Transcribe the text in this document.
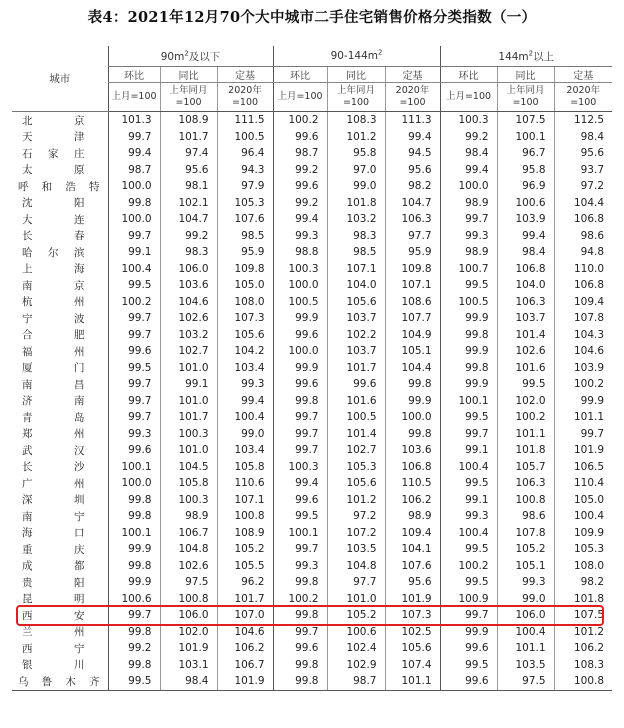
表4：2021年12月70个大中城市二手住宅销售价格分类指数（一）
城市	$90m^2$及以下			$90-144m^2$			$144m^2$以上		
	环比	同比	定基	环比	同比	定基	环比	同比	定基
	上月=100	上年同月=100	2020年=100	上月=100	上年同月=100	2020年=100	上月=100	上年同月=100	2020年=100
北京	101.3	108.9	111.5	100.2	108.3	111.3	100.3	107.5	112.5
天津	99.7	101.7	100.5	99.6	101.2	99.4	99.2	100.1	98.4
石家庄	99.4	97.4	96.4	98.7	95.8	94.5	98.4	96.7	95.6
太原	98.7	95.6	94.3	99.2	97.0	95.6	99.4	95.8	93.7
呼和浩特	100.0	98.1	97.9	99.6	99.0	98.2	100.0	96.9	97.2
沈阳	99.8	102.1	105.3	99.2	101.8	104.7	98.9	100.6	104.4
大连	100.0	104.7	107.6	99.4	103.2	106.3	99.7	103.9	106.8
长春	99.7	99.2	98.5	99.3	98.3	97.7	99.3	99.4	98.6
哈尔滨	99.1	98.3	95.9	98.8	98.5	95.9	98.9	98.4	94.8
上海	100.4	106.0	109.8	100.3	107.1	109.8	100.7	106.8	110.0
南京	99.5	103.6	105.0	100.0	104.0	107.1	99.5	104.0	106.8
杭州	100.2	104.6	108.0	100.5	105.6	108.6	100.5	106.3	109.4
宁波	99.7	102.6	107.3	99.9	103.7	107.7	99.9	103.7	107.8
合肥	99.7	103.2	105.6	99.6	102.2	104.9	99.8	101.4	104.3
福州	99.6	102.7	104.2	100.0	103.7	105.1	99.9	102.6	104.6
厦门	99.5	101.0	103.4	99.9	101.7	104.4	99.8	101.6	103.9
南昌	99.7	99.1	99.3	99.6	99.6	99.8	99.9	99.5	100.2
济南	99.7	101.0	99.4	99.8	101.6	99.9	100.1	102.0	99.9
青岛	99.7	101.7	100.4	99.7	100.5	100.0	99.5	100.2	101.1
郑州	99.3	100.3	99.0	99.7	101.4	99.8	99.7	101.1	99.7
武汉	99.6	101.0	103.4	99.7	102.7	103.6	99.1	101.8	101.9
长沙	100.1	104.5	105.8	100.3	105.3	106.8	100.4	105.7	106.5
广州	100.0	105.8	110.6	99.4	105.6	110.5	99.5	106.3	110.4
深圳	99.8	100.3	107.1	99.6	101.2	106.2	99.1	100.8	105.0
南宁	99.8	98.9	100.8	99.5	97.2	98.9	99.3	98.6	100.4
海口	100.1	106.7	108.9	100.1	107.2	109.4	100.4	107.8	109.9
重庆	99.9	104.8	105.2	99.7	103.5	104.1	99.5	105.2	105.3
成都	99.8	102.6	105.5	99.3	104.8	107.6	100.2	105.1	108.0
贵阳	99.9	97.5	96.2	99.8	97.7	95.6	99.5	99.3	98.2
昆明	100.6	100.8	101.7	100.2	101.0	101.9	100.9	99.0	101.8
西安	99.7	106.0	107.0	99.8	105.2	107.3	99.7	106.0	107.5
兰州	99.8	102.0	104.6	99.7	100.6	102.5	99.9	100.4	101.2
西宁	99.2	101.9	106.2	99.6	102.4	105.6	99.6	101.1	106.2
银川	99.8	103.1	106.7	99.8	102.9	107.4	99.5	103.5	108.3
乌鲁木齐	99.5	98.4	101.9	99.8	98.7	101.1	99.6	97.5	100.8
